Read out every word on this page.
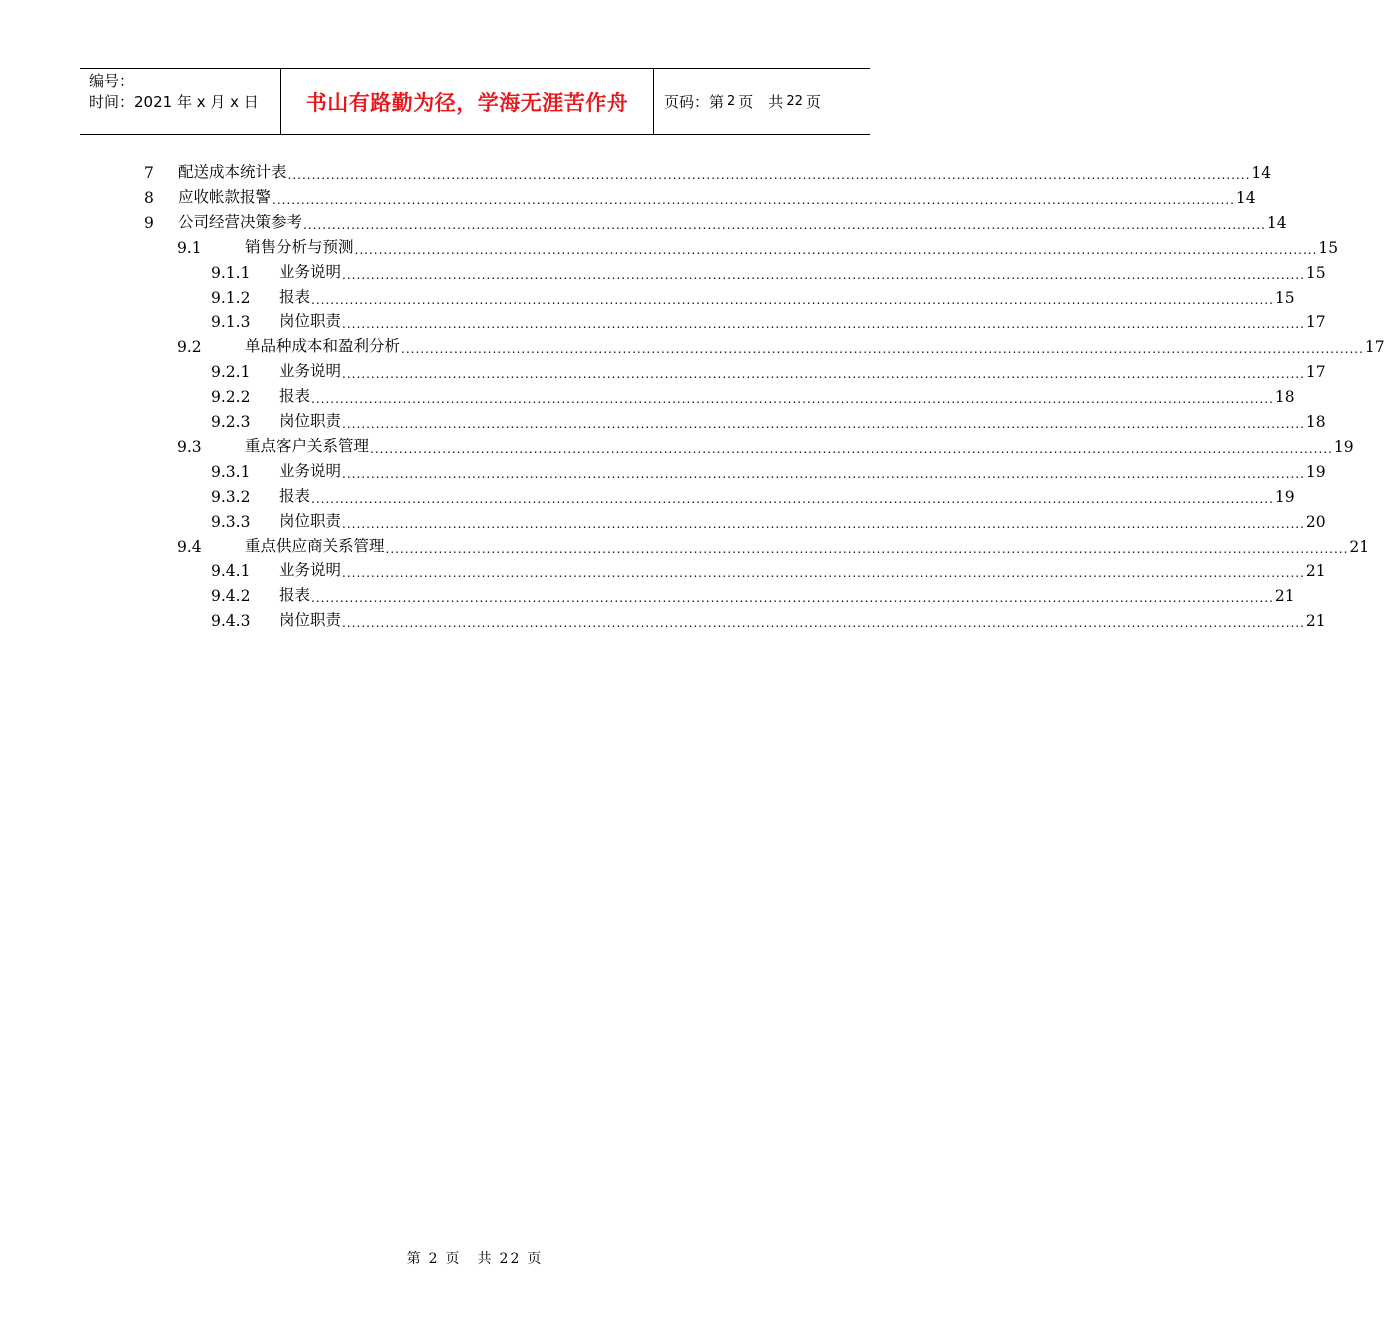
编号：
时间：2021 年 x 月 x 日	书山有路勤为径，学海无涯苦作舟	页码：第 2 页　共 22 页
7 配送成本统计表 ........................................................................................................................................................................................................ 14
8 应收帐款报警 ........................................................................................................................................................................................................ 14
9 公司经营决策参考 ........................................................................................................................................................................................................ 14
9.1	销售分析与预测 ........................................................................................................................................................................................................ 15
9.1.1 业务说明 ........................................................................................................................................................................................................ 15
9.1.2 报表 ........................................................................................................................................................................................................ 15
9.1.3 岗位职责 ........................................................................................................................................................................................................ 17
9.2	单品种成本和盈利分析 ........................................................................................................................................................................................................ 17
9.2.1 业务说明 ........................................................................................................................................................................................................ 17
9.2.2 报表 ........................................................................................................................................................................................................ 18
9.2.3 岗位职责 ........................................................................................................................................................................................................ 18
9.3	重点客户关系管理 ........................................................................................................................................................................................................ 19
9.3.1 业务说明 ........................................................................................................................................................................................................ 19
9.3.2 报表 ........................................................................................................................................................................................................ 19
9.3.3 岗位职责 ........................................................................................................................................................................................................ 20
9.4	重点供应商关系管理 ........................................................................................................................................................................................................ 21
9.4.1 业务说明 ........................................................................................................................................................................................................ 21
9.4.2 报表 ........................................................................................................................................................................................................ 21
9.4.3 岗位职责 ........................................................................................................................................................................................................ 21
第 2 页　共 22 页
